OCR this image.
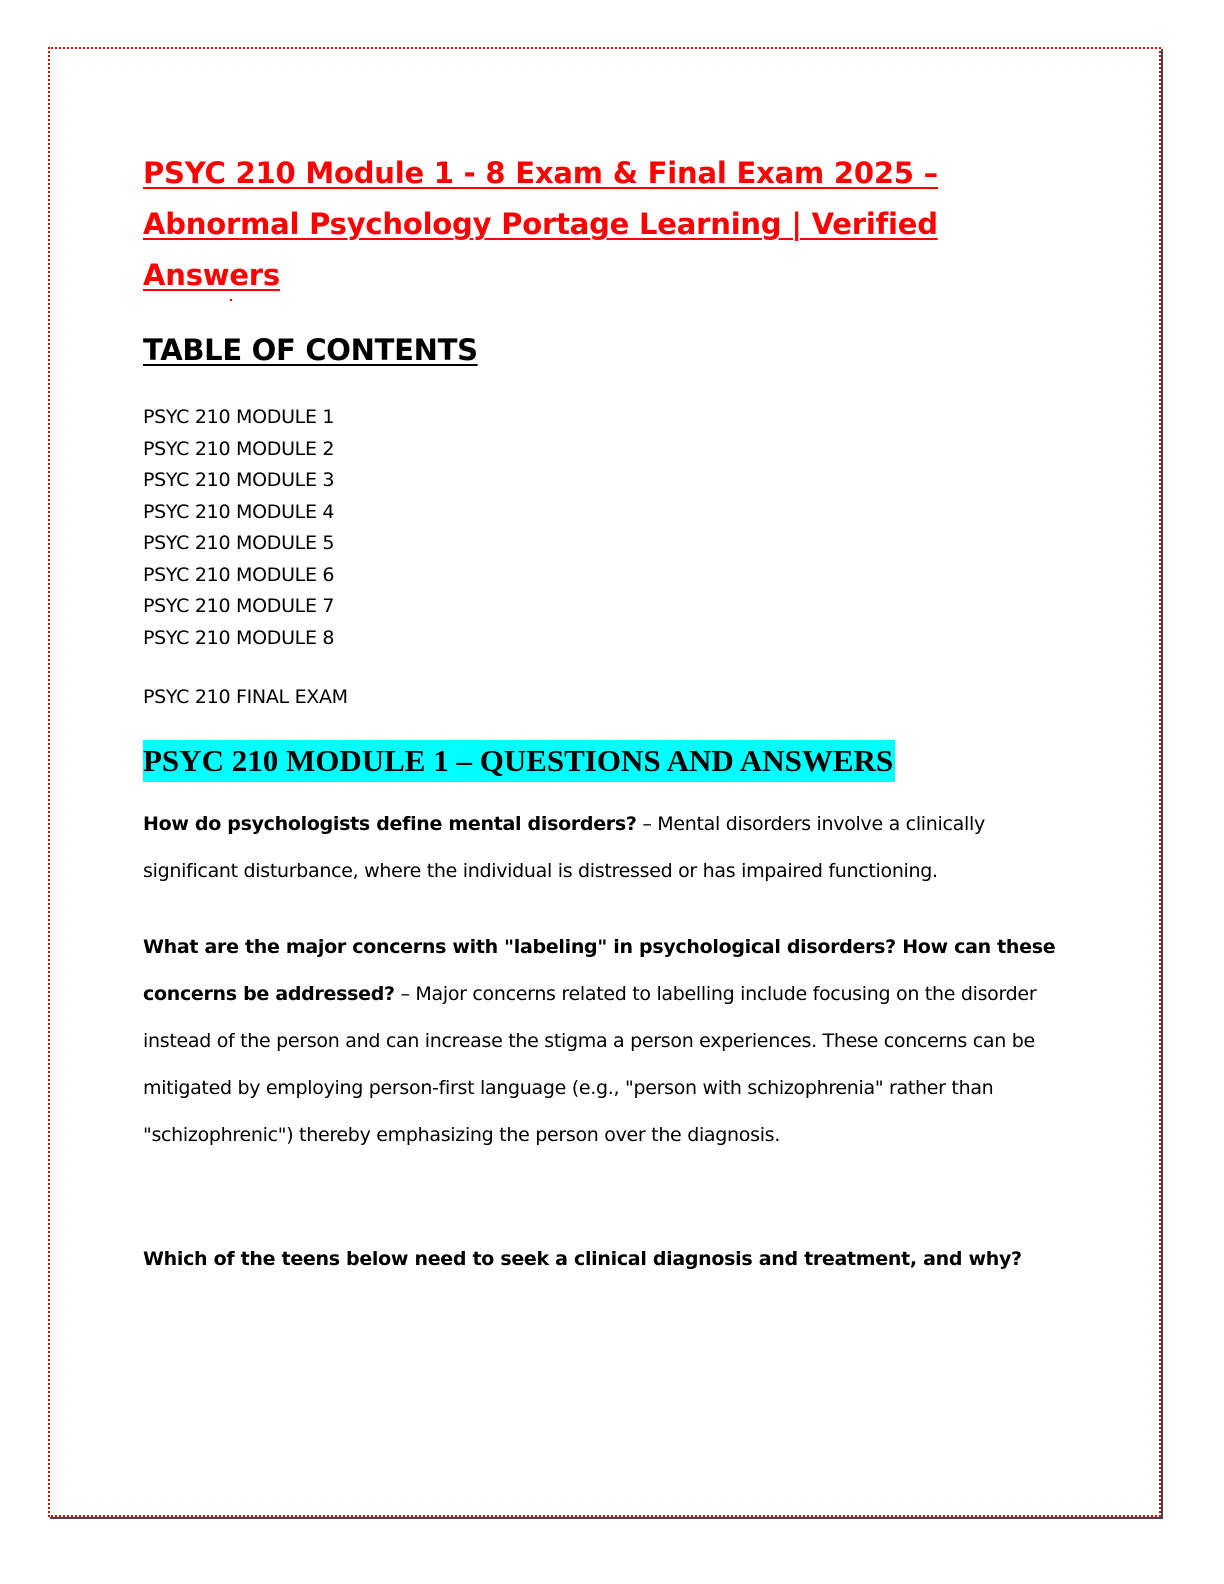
PSYC 210 Module 1 - 8 Exam & Final Exam 2025 – Abnormal Psychology Portage Learning | Verified Answers
TABLE OF CONTENTS
PSYC 210 MODULE 1
PSYC 210 MODULE 2
PSYC 210 MODULE 3
PSYC 210 MODULE 4
PSYC 210 MODULE 5
PSYC 210 MODULE 6
PSYC 210 MODULE 7
PSYC 210 MODULE 8
PSYC 210 FINAL EXAM
PSYC 210 MODULE 1 – QUESTIONS AND ANSWERS

How do psychologists define mental disorders? – Mental disorders involve a clinically significant disturbance, where the individual is distressed or has impaired functioning.

What are the major concerns with "labeling" in psychological disorders? How can these concerns be addressed? – Major concerns related to labelling include focusing on the disorder instead of the person and can increase the stigma a person experiences. These concerns can be mitigated by employing person-first language (e.g., "person with schizophrenia" rather than "schizophrenic") thereby emphasizing the person over the diagnosis.

Which of the teens below need to seek a clinical diagnosis and treatment, and why?
